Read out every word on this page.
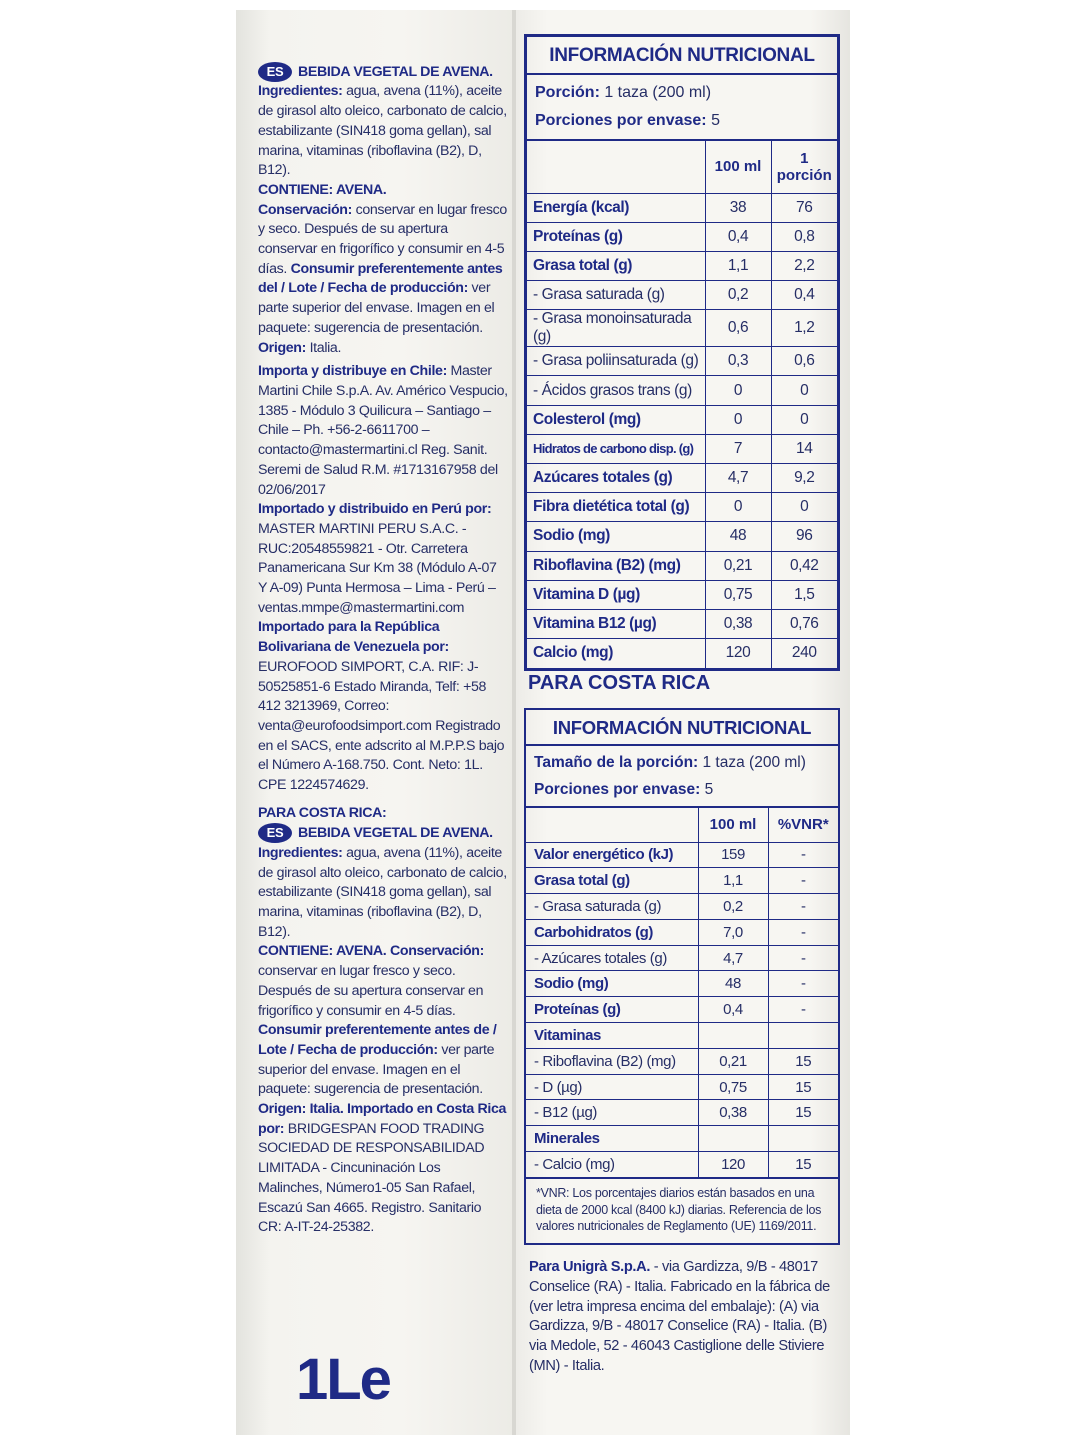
ES BEBIDA VEGETAL DE AVENA.

Ingredientes: agua, avena (11%), aceite de girasol alto oleico, carbonato de calcio, estabilizante (SIN418 goma gellan), sal marina, vitaminas (riboflavina (B2), D, B12).

CONTIENE: AVENA.

Conservación: conservar en lugar fresco y seco. Después de su apertura conservar en frigorífico y consumir en 4-5 días. Consumir preferentemente antes del / Lote / Fecha de producción: ver parte superior del envase. Imagen en el paquete: sugerencia de presentación. Origen: Italia.

Importa y distribuye en Chile: Master Martini Chile S.p.A. Av. Américo Vespucio, 1385 - Módulo 3 Quilicura – Santiago – Chile – Ph. +56-2-6611700 – contacto@mastermartini.cl Reg. Sanit. Seremi de Salud R.M. #1713167958 del 02/06/2017

Importado y distribuido en Perú por: MASTER MARTINI PERU S.A.C. - RUC:20548559821 - Otr. Carretera Panamericana Sur Km 38 (Módulo A-07 Y A-09) Punta Hermosa – Lima - Perú – ventas.mmpe@mastermartini.com

Importado para la República Bolivariana de Venezuela por: EUROFOOD SIMPORT, C.A. RIF: J-50525851-6 Estado Miranda, Telf: +58 412 3213969, Correo: venta@eurofoodsimport.com Registrado en el SACS, ente adscrito al M.P.P.S bajo el Número A-168.750. Cont. Neto: 1L. CPE 1224574629.

PARA COSTA RICA:

ES BEBIDA VEGETAL DE AVENA.

Ingredientes: agua, avena (11%), aceite de girasol alto oleico, carbonato de calcio, estabilizante (SIN418 goma gellan), sal marina, vitaminas (riboflavina (B2), D, B12).

CONTIENE: AVENA. Conservación: conservar en lugar fresco y seco. Después de su apertura conservar en frigorífico y consumir en 4-5 días. Consumir preferentemente antes de / Lote / Fecha de producción: ver parte superior del envase. Imagen en el paquete: sugerencia de presentación.

Origen: Italia. Importado en Costa Rica por: BRIDGESPAN FOOD TRADING SOCIEDAD DE RESPONSABILIDAD LIMITADA - Cincuninación Los Malinches, Número1-05 San Rafael, Escazú San 4665. Registro. Sanitario CR: A-IT-24-25382.

1Le
INFORMACIÓN NUTRICIONAL
Porción: 1 taza (200 ml)
Porciones por envase: 5
	100 ml	1 porción
Energía (kcal)	38	76
Proteínas (g)	0,4	0,8
Grasa total (g)	1,1	2,2
- Grasa saturada (g)	0,2	0,4
- Grasa monoinsaturada (g)	0,6	1,2
- Grasa poliinsaturada (g)	0,3	0,6
- Ácidos grasos trans (g)	0	0
Colesterol (mg)	0	0
Hidratos de carbono disp. (g)	7	14
Azúcares totales (g)	4,7	9,2
Fibra dietética total (g)	0	0
Sodio (mg)	48	96
Riboflavina (B2) (mg)	0,21	0,42
Vitamina D (µg)	0,75	1,5
Vitamina B12 (µg)	0,38	0,76
Calcio (mg)	120	240
PARA COSTA RICA
INFORMACIÓN NUTRICIONAL
Tamaño de la porción: 1 taza (200 ml)
Porciones por envase: 5
	100 ml	%VNR*
Valor energético (kJ)	159	-
Grasa total (g)	1,1	-
- Grasa saturada (g)	0,2	-
Carbohidratos (g)	7,0	-
- Azúcares totales (g)	4,7	-
Sodio (mg)	48	-
Proteínas (g)	0,4	-
Vitaminas		
- Riboflavina (B2) (mg)	0,21	15
- D (µg)	0,75	15
- B12 (µg)	0,38	15
Minerales		
- Calcio (mg)	120	15
*VNR: Los porcentajes diarios están basados en una dieta de 2000 kcal (8400 kJ) diarias. Referencia de los valores nutricionales de Reglamento (UE) 1169/2011.
Para Unigrà S.p.A. - via Gardizza, 9/B - 48017 Conselice (RA) - Italia. Fabricado en la fábrica de (ver letra impresa encima del embalaje): (A) via Gardizza, 9/B - 48017 Conselice (RA) - Italia. (B) via Medole, 52 - 46043 Castiglione delle Stiviere (MN) - Italia.
